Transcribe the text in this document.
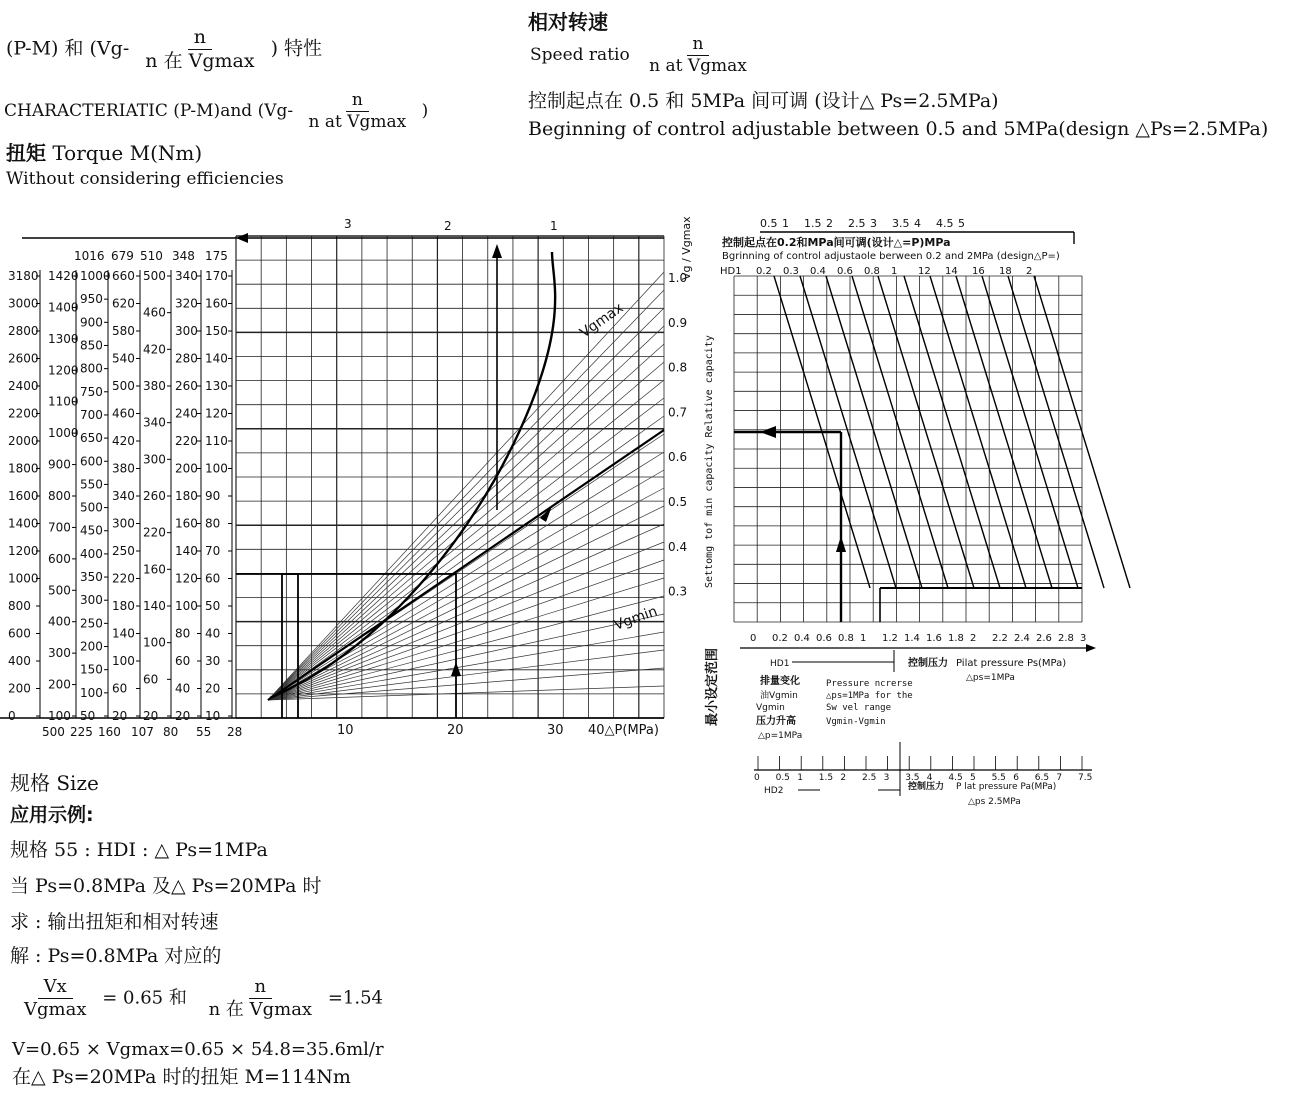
(P-M) 和 ($Vg- \frac{n}{\text{n 在 Vgmax}}$ ) 特性
CHARACTERIATIC (P-M)and ($Vg- \frac{n}{\text{n at Vgmax}}$ )
扭矩 Torque M(Nm)
Without considering efficiencies
相对转速
Speed ratio $\frac{n}{\text{n at Vgmax}}$
控制起点在 0.5 和 5MPa 间可调 (设计△ Ps=2.5MPa)
Beginning of control adjustable between 0.5 and 5MPa(design △Ps=2.5MPa)
1.0
0.9
0.8
0.7
0.6
0.5
0.4
0.3
3180
3000
2800
2600
2400
2200
2000
1800
1600
1400
1200
1000
800
600
400
200
0
1420
1400
1300
1200
1100
1000
900
800
700
600
500
400
300
200
100
1000
950
900
850
800
750
700
650
600
550
500
450
400
350
300
250
200
150
100
50
660
620
580
540
500
460
420
380
340
300
250
220
180
140
100
60
20
500
460
420
380
340
300
260
220
160
140
100
60
20
340
320
300
280
260
240
220
200
180
160
140
120
100
80
60
40
20
170
160
150
140
130
120
110
100
90
80
70
60
50
40
30
20
10
3	2	1
1016 679 510 348 175
500 225 160 107 80 55 28	10	20	30 40△P(MPa)
Vg / Vgmax
Settomg tof min capacity Relative capacity
Vgmax
Vgmin
0.5 1 1.5 2 2.5 3 3.5 4 4.5 5
0.2 0.3 0.4 0.6 0.8 1 12 14 16 18 2
0 0.2 0.4 0.6 0.8 1 1.2 1.4 1.6 1.8 2 2.2 2.4 2.6 2.8 3
0 0.5 1 1.5 2 2.5 3 3.5 4 4.5 5 5.5 6 6.5 7 7.5
控制起点在0.2和MPa间可调(设计△=P)MPa
Bgrinning of control adjustaole berween 0.2 and 2MPa (design△P=)
HD1
控制压力 Pilat pressure Ps(MPa)
△ps=1MPa
HD1
排量变化
油Vgmin
Vgmin
压力升高
△p=1MPa
Pressure ncrerse
△ps=1MPa for the
Sw vel range
Vgmin-Vgmin
最小设定范围
HD2	控制压力 P lat pressure Pa(MPa)
△ps 2.5MPa
规格 Size
应用示例:
规格 55 : HDI : △ Ps=1MPa
当 Ps=0.8MPa 及△ Ps=20MPa 时
求 : 输出扭矩和相对转速
解 : Ps=0.8MPa 对应的
$\frac{Vx}{Vgmax} = 0.65$ 和 $\frac{n}{\text{n 在 Vgmax}} =1.54$
V=0.65 × Vgmax=0.65 × 54.8=35.6ml/r
在△ Ps=20MPa 时的扭矩 M=114Nm
